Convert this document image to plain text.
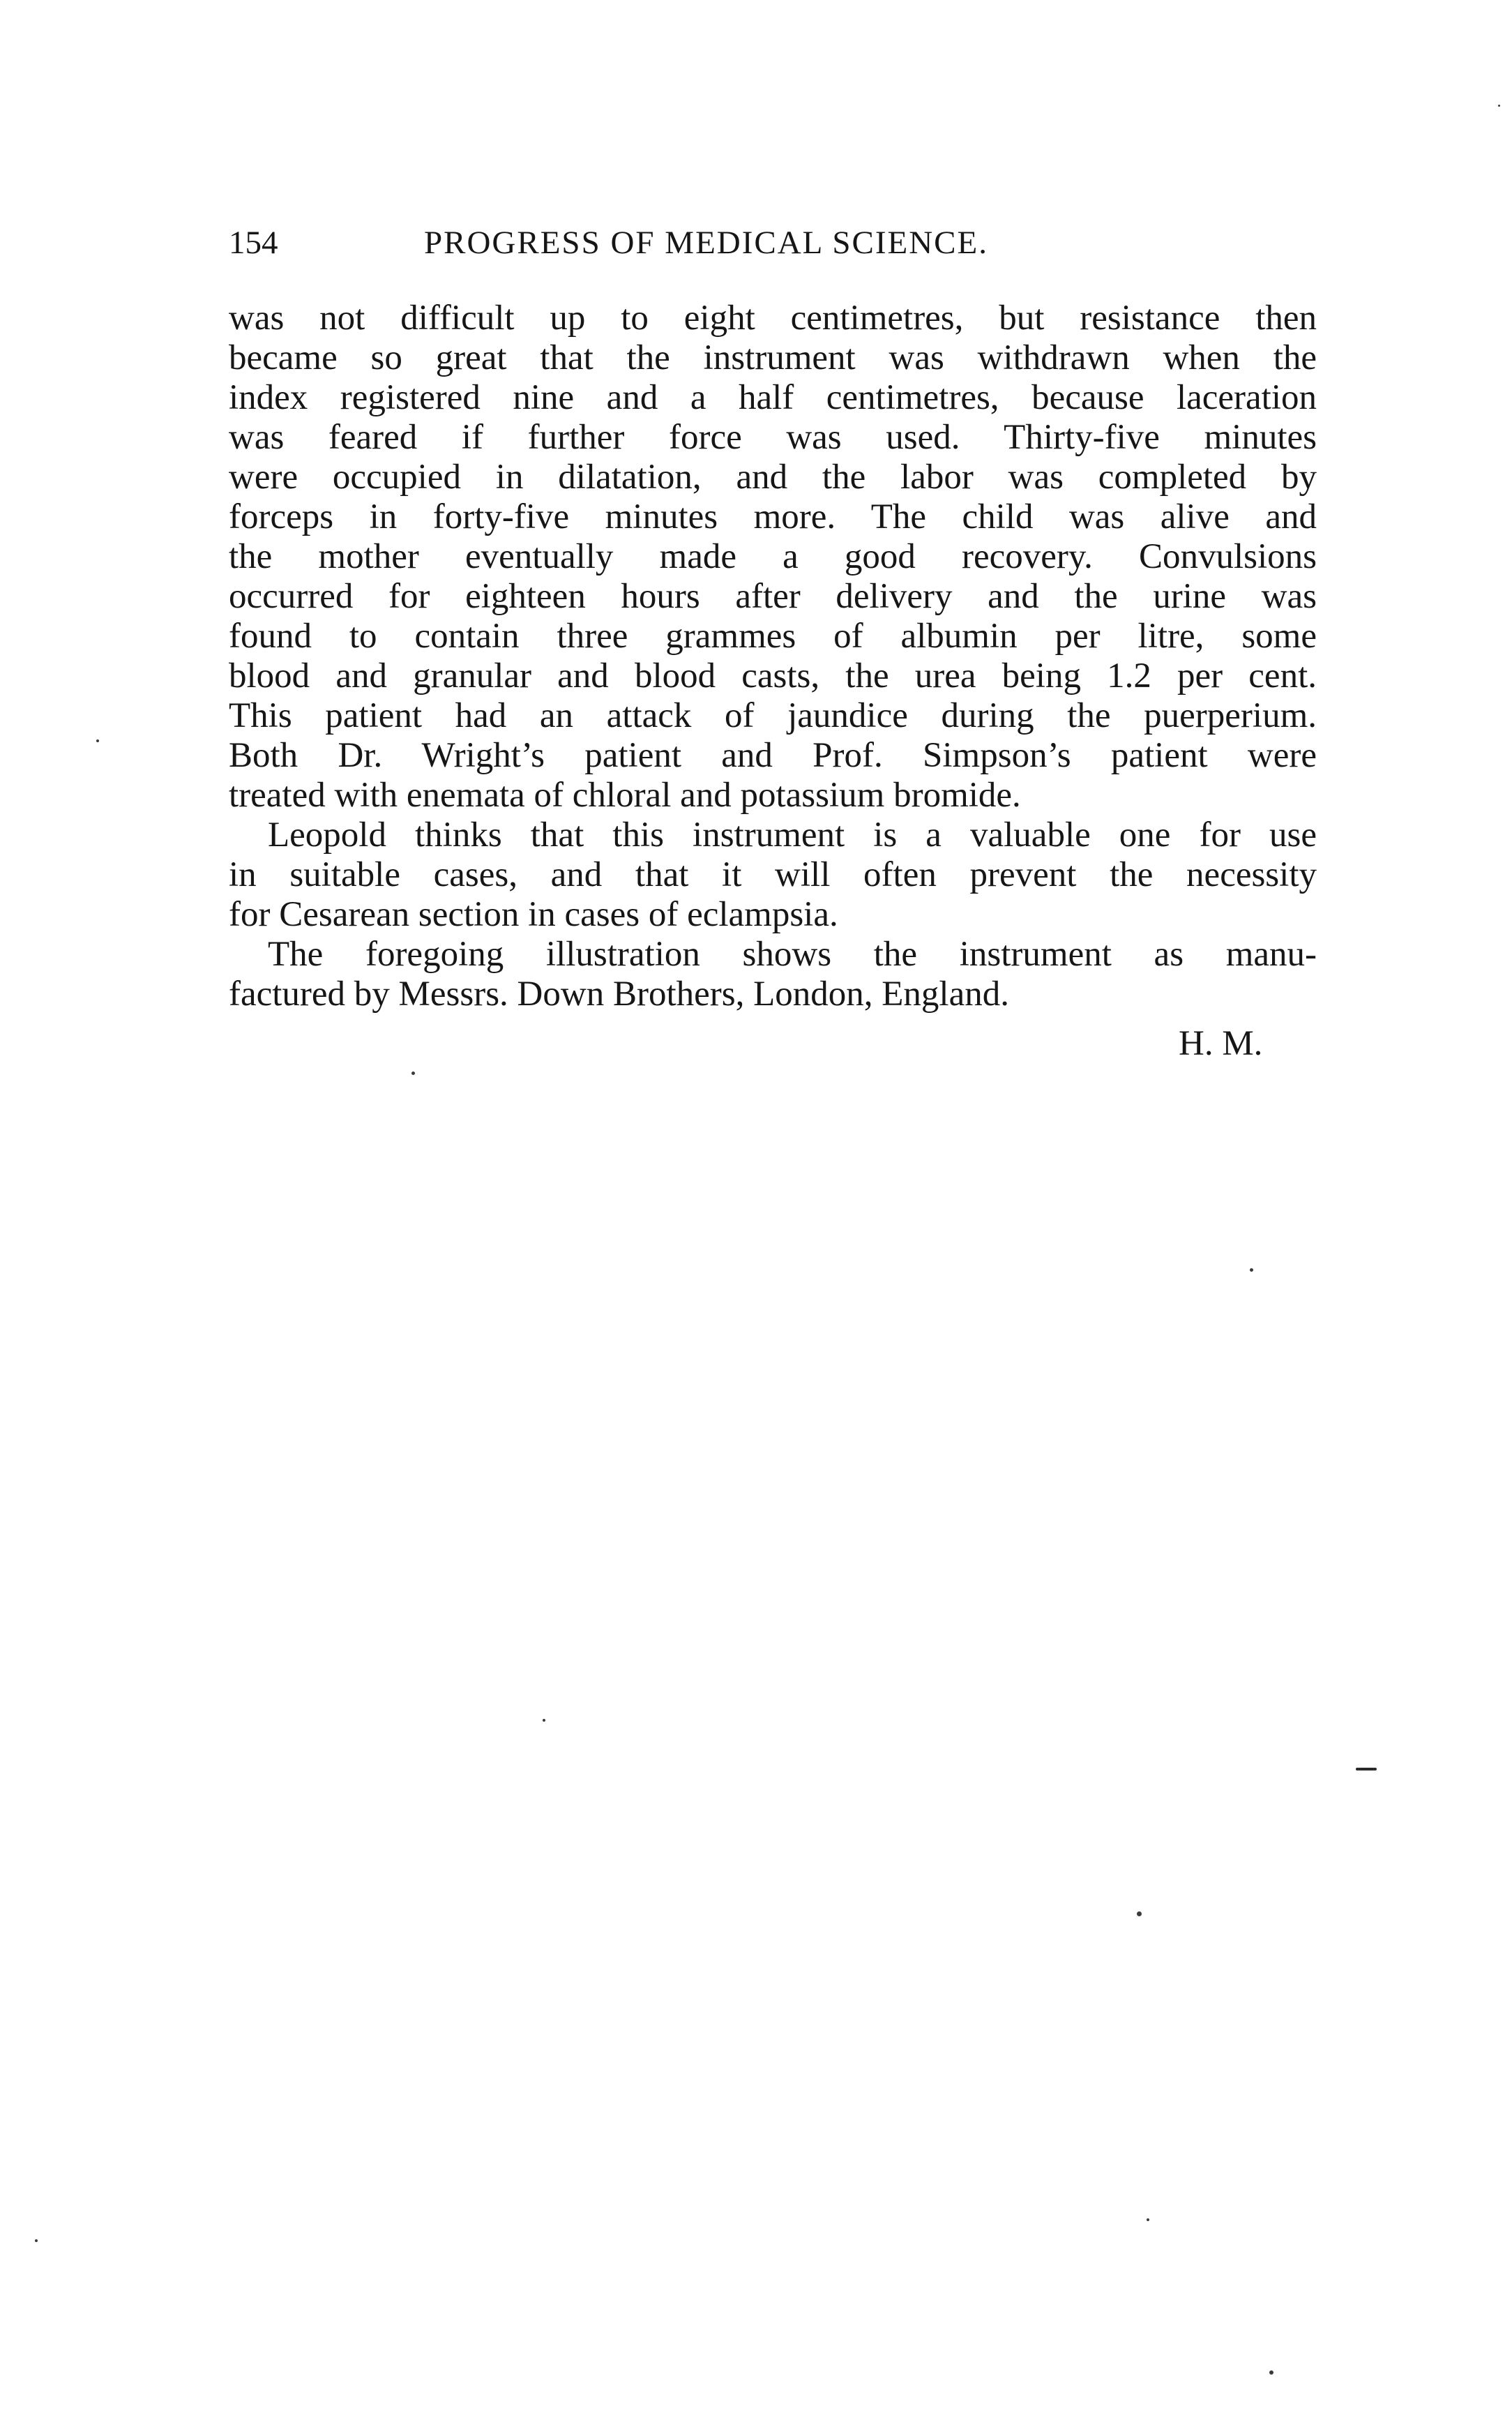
154	PROGRESS OF MEDICAL SCIENCE.
was not difficult up to eight centimetres, but resistance then
became so great that the instrument was withdrawn when the
index registered nine and a half centimetres, because laceration
was feared if further force was used. Thirty-five minutes
were occupied in dilatation, and the labor was completed by
forceps in forty-five minutes more. The child was alive and
the mother eventually made a good recovery. Convulsions
occurred for eighteen hours after delivery and the urine was
found to contain three grammes of albumin per litre, some
blood and granular and blood casts, the urea being 1.2 per cent.
This patient had an attack of jaundice during the puerperium.
Both Dr. Wright’s patient and Prof. Simpson’s patient were
treated with enemata of chloral and potassium bromide.
Leopold thinks that this instrument is a valuable one for use
in suitable cases, and that it will often prevent the necessity
for Cesarean section in cases of eclampsia.
The foregoing illustration shows the instrument as manu-
factured by Messrs. Down Brothers, London, England.
H. M.
